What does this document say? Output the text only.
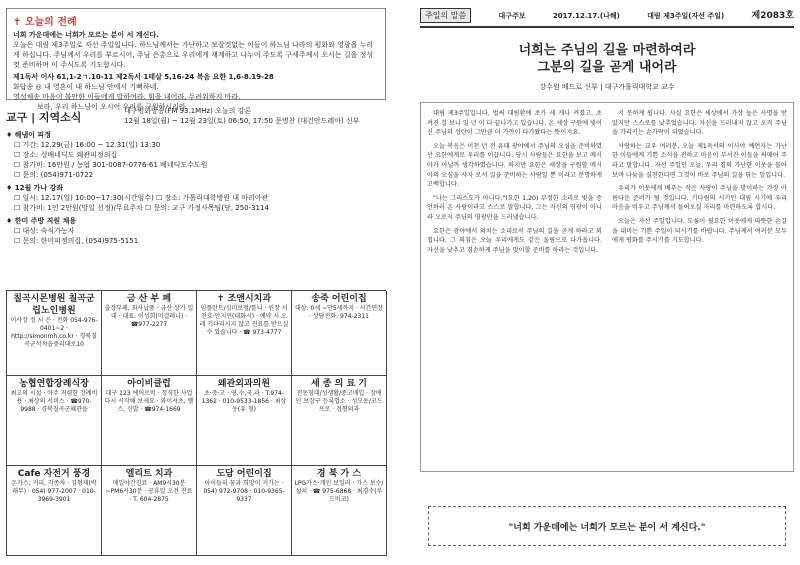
✝ 오늘의 전례
너희 가운데에는 너희가 모르는 분이 서 계신다.
오늘은 대림 제3주일로 자선 주일입니다. 하느님께서는 가난하고 보잘것없는 이들이 하느님 나라의 평화와 영광을 누리게 하십니다. 주님께서 우리를 부르시어, 주님 은총으로 우리에게 재계하고 나누어 주도록 구세주께서 오시는 길을 정성껏 준비하며 이 주식도록 기도합시다.
제1독서 이사 61,1-2ㄱ.10-11 제2독서 1테살 5,16-24 복음 요한 1,6-8.19-28
화답송 ◎ 내 영혼이 내 하느님 안에서 기뻐하네.
영성체송 마음이 불안한 이들에게 말하여라. 힘을 내어라, 두려워하지 마라.
보라, 우리 하느님이 오시어 우리를 구원하시리라.
교구 | 지역소식	대구평화방송(FM 93.1MHz) 오늘의 강론
12월 18일(월) ~ 12월 23일(토) 06:50, 17:50 문병찬 (대건안드레아) 신부
♦ 해냄이 피정
☐ 기간: 12.29(금) 16:00 ~ 12.31(일) 13:30
☐ 장소: 성베네딕도 왜관피정의집
☐ 참가비: 16만원 / 농협 301-0087-0776-61 베네딕도수도원
☐ 문의: (054)971-0722
♦ 12월 가나 강좌
☐ 일시: 12.17(일) 10:00~17:30(시간엄수) ☐ 장소: 가톨릭대학병원 내 마리아관
☐ 참가비: 1인 2만원(망일 선정)/무료주차 ☐ 문의: 교구 가정사목팀(당, 250-3114
♦ 한미 주방 직원 채용
☐ 대상: 숙식가능자
☐ 문의: 한미피정의집, (054)975-5151
칠곡시몬병원 칠곡군립노인병원
이사장 정 시 은 · 전화 054-976-0401~2 · http://simonmh.co.kr · 경북칠곡군석적읍중리대로10
금 산 부 페
출장부페, 회사납품 · 금산 상가 일대 · 대표: 이성희(미걸레나) · ☎977-2277
✝ 조앤시치과
임플란트/심미보철/틀니 · 원장 서진호·안지연(대화시) · 예약 시 오래 기다리시지 않고 진료를 받으실 수 있습니다 · ☎ 973-4777
송죽 어린이집
대상: 0세 ~만5세까지 · 시간연장 · 상담전화: 974-2311
농협연합장례식장
최고의 시설 · 아주 저렴한 장례비용 · 최상의 서비스 · ☎970-9988 · 경북칠곡군왜관읍
아이비클럽
대구 123 에어로빅 · 정직한 사업 다시 시작해 보세요 · 와이셔츠, 헬스, 신발 · ☎974-1669
왜관외과의원
초·중·고 · 영,수,국,과 · T.974-1362 · 010-9533-1856 · 최상동(유 철)
세 종 의 료 기
전동침대/성생활/중고매입 · 장애인 보장구 등록업소 · 성모동/코드프로 · 정형외과
Cafe 자전거 풍경
돈가스, 커피, 각종차 · 김형재(박래무) · 054) 977-2007 · 010-3969-3901
엘리트 치과
매일야간진료 · AM9시30분~PM6시30분 · 공휴일 오전 진료 · T. 604-2875
도담 어린이집
아이들의 꿈과 희망이 커가는 · 054) 972-9708 · 010-9365-9337
경 북 가 스
LPG가스·개인 보일러 · 가스 보수/설치 · ☎ 975-6868 · 최경수(루드비코)
주일의 말씀	대구주보	2017.12.17.(나해)	대림 제3주일(자선 주일)	제2083호
너희는 주님의 길을 마련하여라
그분의 길을 곧게 내어라
강수원 베드로 신부 | 대구가톨릭대학교 교수

대림 제3주일입니다. 벌써 대림환에 초가 세 개나 켜졌고, 초 켜진 걸 보니 일 년 이 다 끝나가고 있습니다. 온 세상 구원에 빛이신 주님의 성탄이 그만큼 더 가까이 다가왔다는 뜻이지요.

오늘 복음은 이천 년 전 유대 광야에서 주님의 오심을 준비하였던 요한에게로 우리를 이끕니다. 당시 사람들은 요한을 보고 메시아가 아닐까 생각하였습니다. 하지만 요한은 세상을 구원할 메시아의 오심을 사자 로서 길을 준비하는 사람일 뿐 이라고 분명하게 고백합니다.

"나는 그리스도가 아니다."(요한 1,20) 부정한 소리로 빛을 증언하러 온 사람이라고 스스로 말합니다. 그는 자신의 영광이 아니라 오로지 주님의 영광만을 드러냈습니다.

요한은 광야에서 외치는 소리로서 주님의 길을 곧게 하라고 외칩니다. 그 외침은 오늘 우리에게도 같은 울림으로 다가옵니다. 자신을 낮추고 겸손하게 주님을 맞이할 준비를 하라는 것입니다.

지 못하게 됩니다. 사실 요한은 세상에서 가장 높은 사명을 받았지만 스스로를 낮추었습니다. 자신을 드러내지 않고 오직 주님을 가리키는 손가락이 되었습니다.

사랑하는 교우 여러분, 오늘 제1독서의 이사야 예언자는 가난한 이들에게 기쁜 소식을 전하고 마음이 부서진 이들을 싸매어 주라고 말합니다. 자선 주일인 오늘, 우리 곁의 가난한 이웃을 돌아보며 나눔을 실천한다면 그것이 바로 주님의 길을 닦는 일입니다.

우리가 이웃에게 베푸는 작은 사랑이 주님을 맞이하는 가장 아름다운 준비가 될 것입니다. 기다림의 시기인 대림 시기에 우리 마음을 비우고 주님께서 들어오실 자리를 마련하도록 합시다.

오늘은 자선 주일입니다. 도움이 필요한 이웃에게 따뜻한 손길을 내미는 기쁜 주일이 되시기를 바랍니다. 주님께서 여러분 모두에게 평화를 주시기를 기도합니다.

"너희 가운데에는 너희가 모르는 분이 서 계신다."
